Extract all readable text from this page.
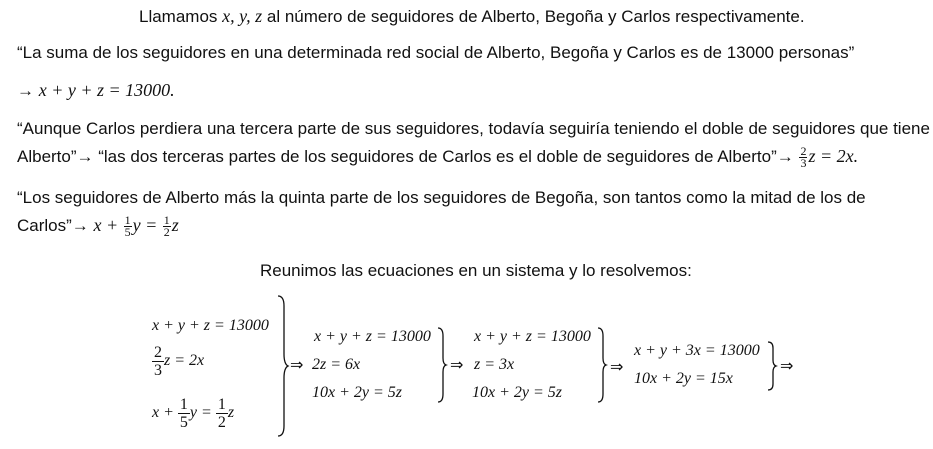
Llamamos x, y, z al número de seguidores de Alberto, Begoña y Carlos respectivamente.
“La suma de los seguidores en una determinada red social de Alberto, Begoña y Carlos es de 13000 personas”
→ x + y + z = 13000.
“Aunque Carlos perdiera una tercera parte de sus seguidores, todavía seguiría teniendo el doble de seguidores que tiene
Alberto”→ “las dos terceras partes de los seguidores de Carlos es el doble de seguidores de Alberto”→ $\frac{2}{3}$ z = 2x.
“Los seguidores de Alberto más la quinta parte de los seguidores de Begoña, son tantos como la mitad de los de
Carlos”→ $x + \frac{1}{5}$ $y = \frac{1}{2}$ z
Reunimos las ecuaciones en un sistema y lo resolvemos:
x + y + z = 13000
$\frac{2}{3}$ z = 2x
$x + \frac{1}{5}$ $y = \frac{1}{2}$ z
⇒
x + y + z = 13000
2z = 6x
10x + 2y = 5z
⇒
x + y + z = 13000
z = 3x
10x + 2y = 5z
⇒
x + y + 3x = 13000
10x + 2y = 15x
⇒
